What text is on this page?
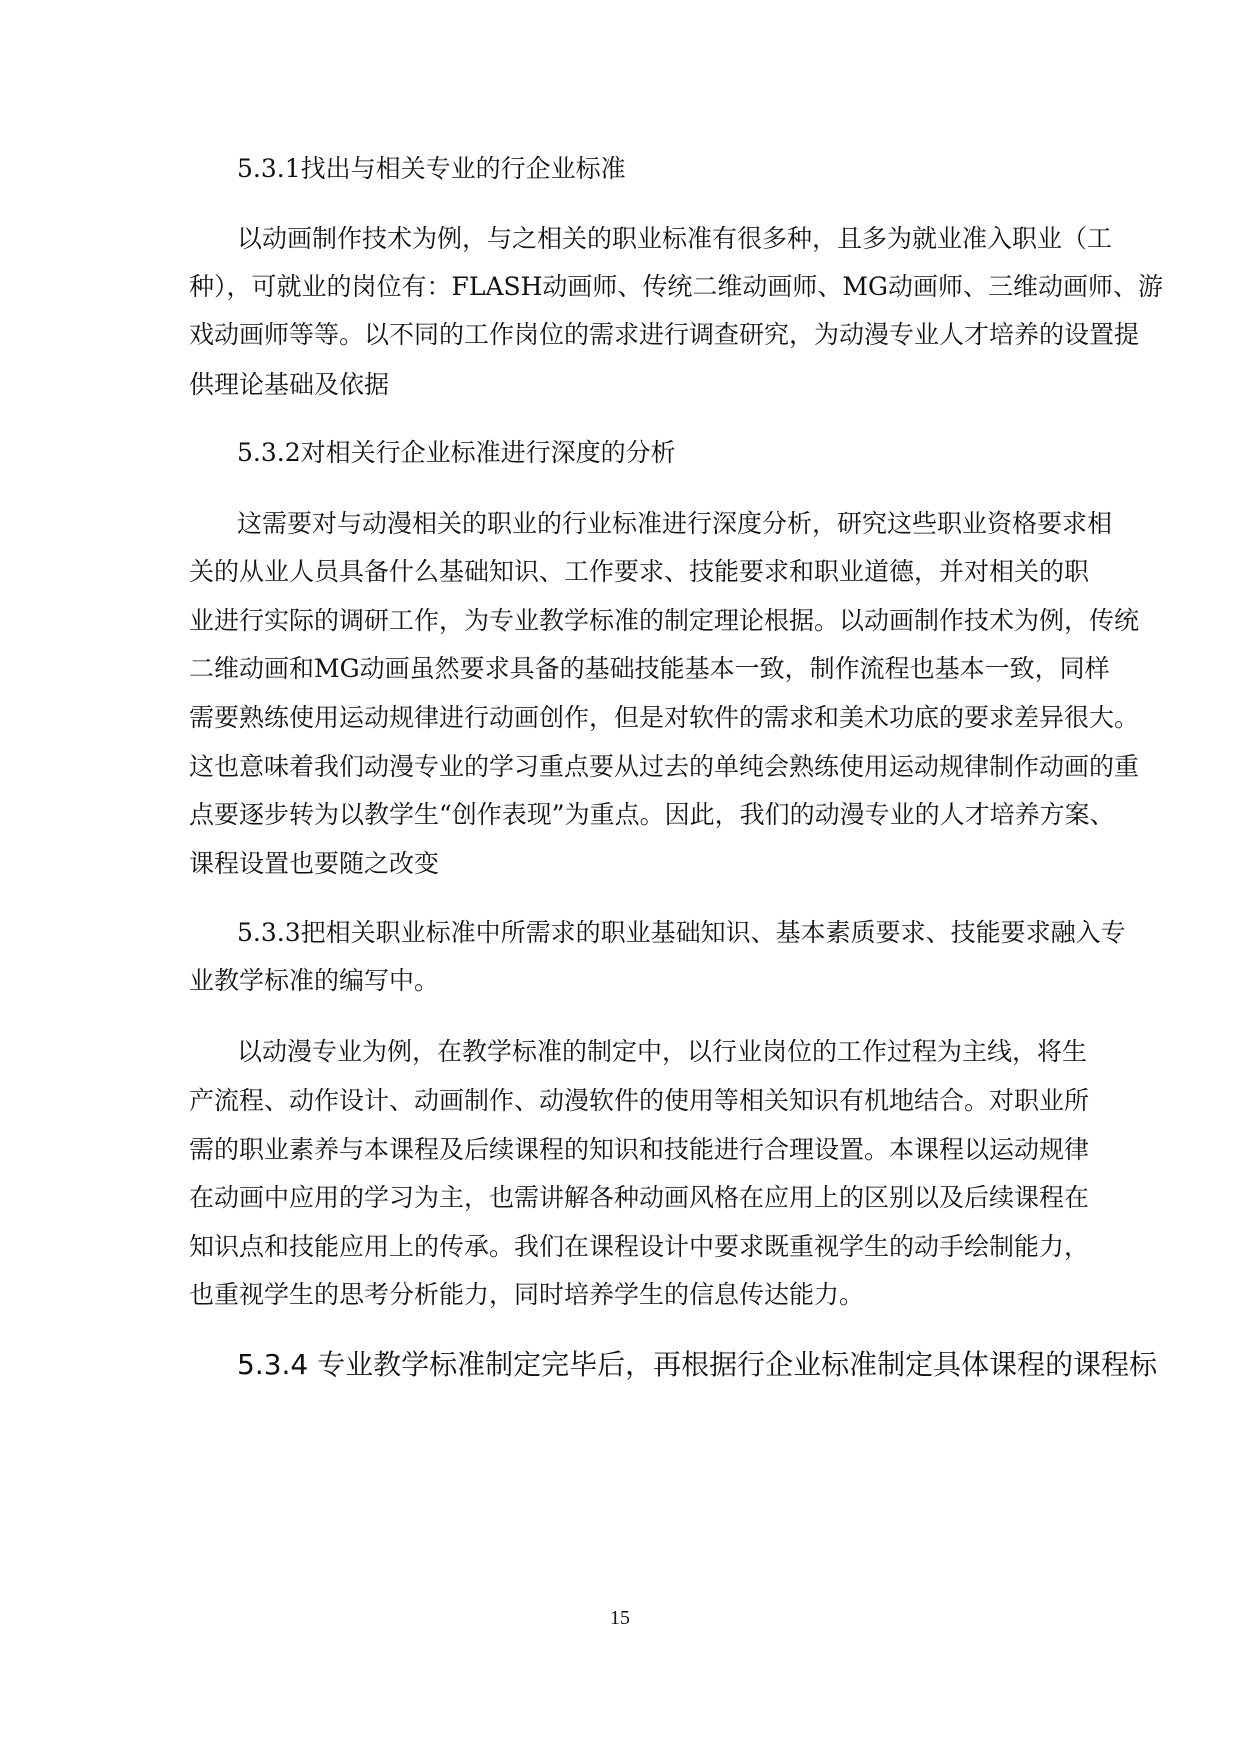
5.3.1找出与相关专业的行企业标准
以动画制作技术为例，与之相关的职业标准有很多种，且多为就业准入职业（工
种），可就业的岗位有：FLASH动画师、传统二维动画师、MG动画师、三维动画师、游
戏动画师等等。以不同的工作岗位的需求进行调查研究，为动漫专业人才培养的设置提
供理论基础及依据
5.3.2对相关行企业标准进行深度的分析
这需要对与动漫相关的职业的行业标准进行深度分析，研究这些职业资格要求相
关的从业人员具备什么基础知识、工作要求、技能要求和职业道德，并对相关的职
业进行实际的调研工作，为专业教学标准的制定理论根据。以动画制作技术为例，传统
二维动画和MG动画虽然要求具备的基础技能基本一致，制作流程也基本一致，同样
需要熟练使用运动规律进行动画创作，但是对软件的需求和美术功底的要求差异很大。
这也意味着我们动漫专业的学习重点要从过去的单纯会熟练使用运动规律制作动画的重
点要逐步转为以教学生“创作表现”为重点。因此，我们的动漫专业的人才培养方案、
课程设置也要随之改变
5.3.3把相关职业标准中所需求的职业基础知识、基本素质要求、技能要求融入专
业教学标准的编写中。
以动漫专业为例，在教学标准的制定中，以行业岗位的工作过程为主线，将生
产流程、动作设计、动画制作、动漫软件的使用等相关知识有机地结合。对职业所
需的职业素养与本课程及后续课程的知识和技能进行合理设置。本课程以运动规律
在动画中应用的学习为主，也需讲解各种动画风格在应用上的区别以及后续课程在
知识点和技能应用上的传承。我们在课程设计中要求既重视学生的动手绘制能力，
也重视学生的思考分析能力，同时培养学生的信息传达能力。
5.3.4 专业教学标准制定完毕后，再根据行企业标准制定具体课程的课程标
15
